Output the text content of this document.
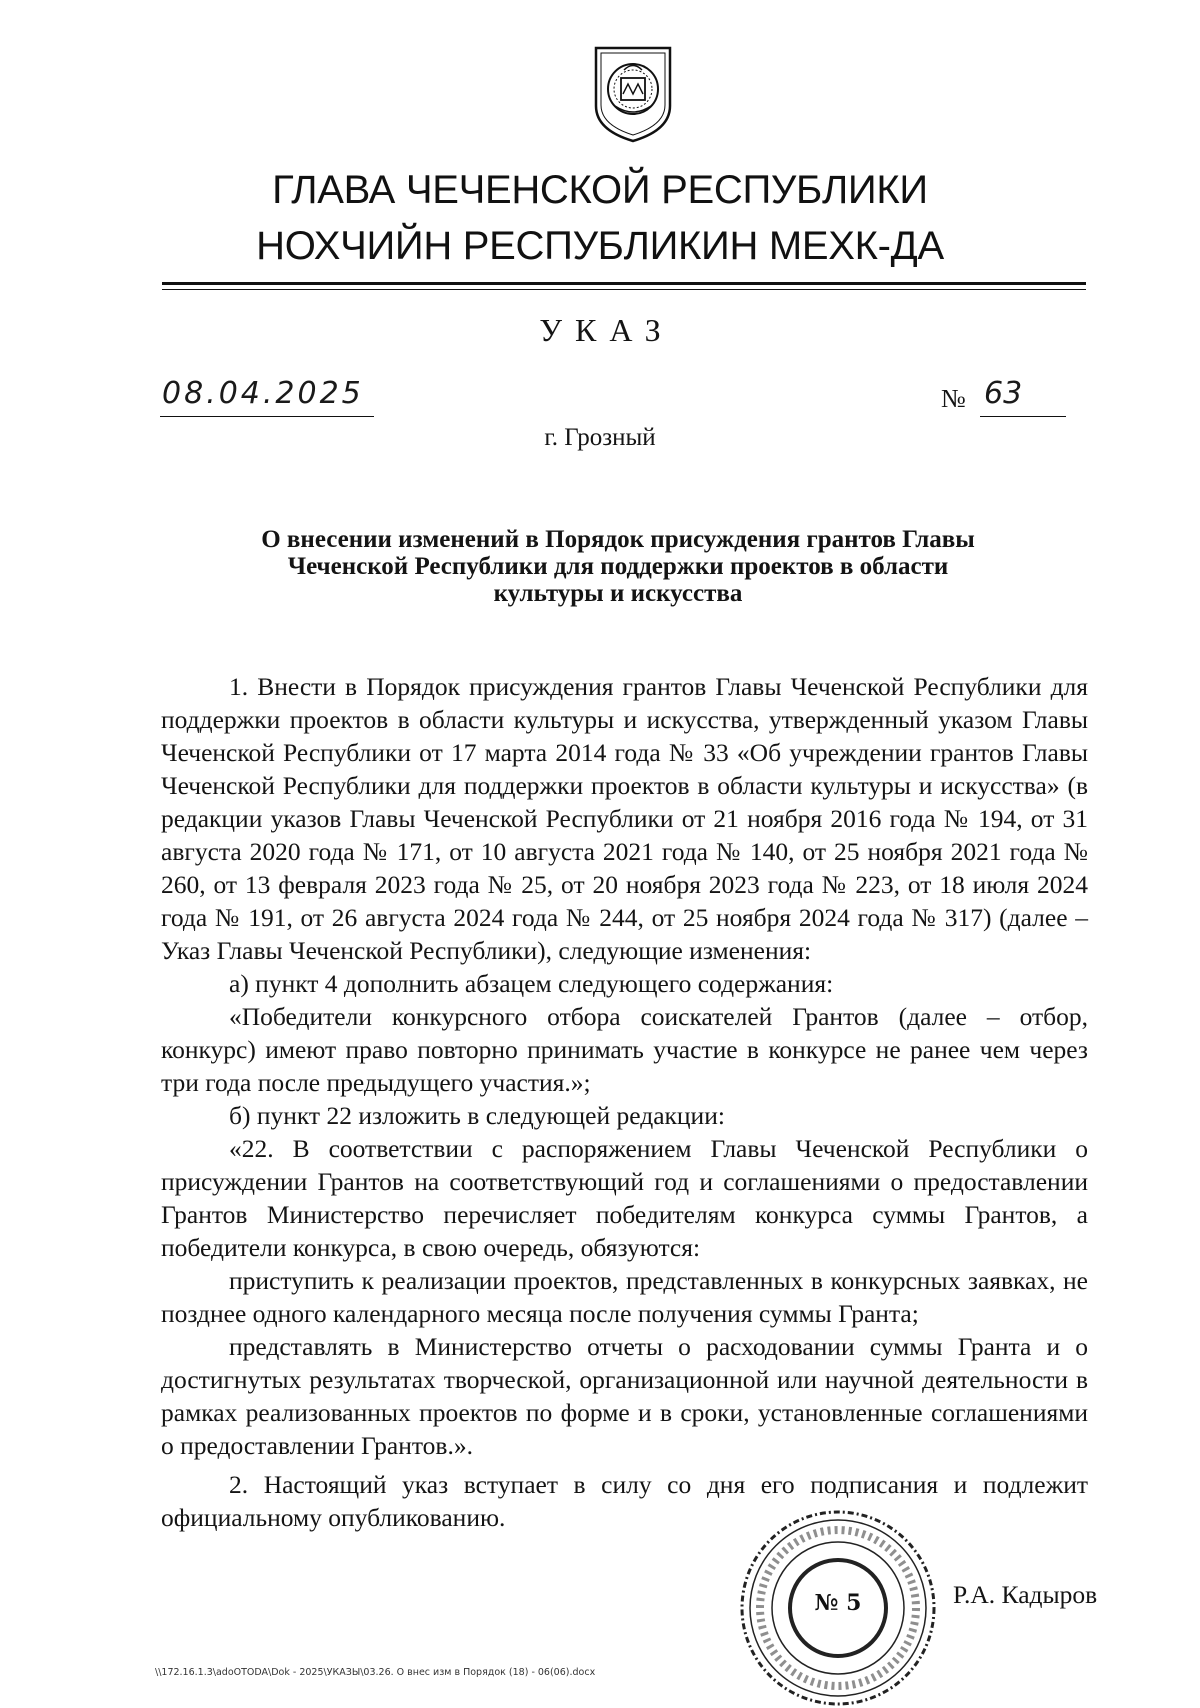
ГЛАВА ЧЕЧЕНСКОЙ РЕСПУБЛИКИ
НОХЧИЙН РЕСПУБЛИКИН МЕХК-ДА
УКАЗ
08.04.2025	№ 63
г. Грозный
О внесении изменений в Порядок присуждения грантов Главы Чеченской Республики для поддержки проектов в области культуры и искусства

1. Внести в Порядок присуждения грантов Главы Чеченской Республики для поддержки проектов в области культуры и искусства, утвержденный указом Главы Чеченской Республики от 17 марта 2014 года № 33 «Об учреждении грантов Главы Чеченской Республики для поддержки проектов в области культуры и искусства» (в редакции указов Главы Чеченской Республики от 21 ноября 2016 года № 194, от 31 августа 2020 года № 171, от 10 августа 2021 года № 140, от 25 ноября 2021 года № 260, от 13 февраля 2023 года № 25, от 20 ноября 2023 года № 223, от 18 июля 2024 года № 191, от 26 августа 2024 года № 244, от 25 ноября 2024 года № 317) (далее – Указ Главы Чеченской Республики), следующие изменения:

а) пункт 4 дополнить абзацем следующего содержания:

«Победители конкурсного отбора соискателей Грантов (далее – отбор, конкурс) имеют право повторно принимать участие в конкурсе не ранее чем через три года после предыдущего участия.»;

б) пункт 22 изложить в следующей редакции:

«22. В соответствии с распоряжением Главы Чеченской Республики о присуждении Грантов на соответствующий год и соглашениями о предоставлении Грантов Министерство перечисляет победителям конкурса суммы Грантов, а победители конкурса, в свою очередь, обязуются:

приступить к реализации проектов, представленных в конкурсных заявках, не позднее одного календарного месяца после получения суммы Гранта;

представлять в Министерство отчеты о расходовании суммы Гранта и о достигнутых результатах творческой, организационной или научной деятельности в рамках реализованных проектов по форме и в сроки, установленные соглашениями о предоставлении Грантов.».

2. Настоящий указ вступает в силу со дня его подписания и подлежит официальному опубликованию.

№ 5	Р.А. Кадыров
\\172.16.1.3\adoOTODA\Dok - 2025\УКАЗЫ\03.26. О внес изм в Порядок (18) - 06(06).docx
